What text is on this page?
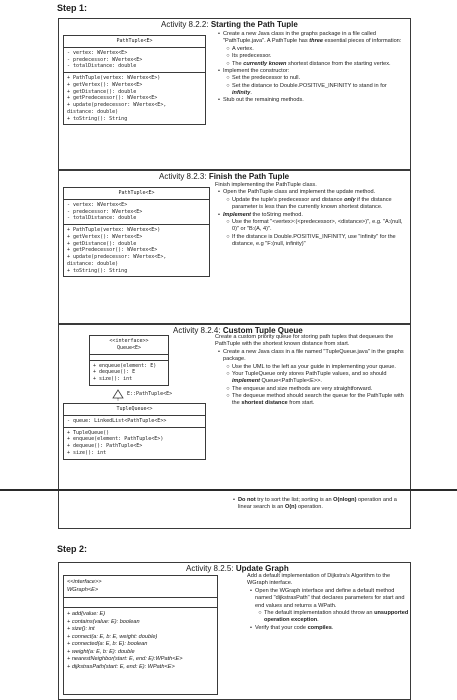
Step 1:
Activity 8.2.2: Starting the Path Tuple
PathTuple<E>
- vertex: WVertex<E>
- predecessor: WVertex<E>
- totalDistance: double
+ PathTuple(vertex: WVertex<E>)
+ getVertex(): WVertex<E>
+ getDistance(): double
+ getPredecessor(): WVertex<E>
+ update(predecessor: WVertex<E>,
distance: double)
+ toString(): String
• Create a new Java class in the graphs package in a file called "PathTuple.java". A PathTuple has three essential pieces of information:
○ A vertex.
○ Its predecessor.
○ The currently known shortest distance from the starting vertex.
• Implement the constructor:
○ Set the predecessor to null.
○ Set the distance to Double.POSITIVE_INFINITY to stand in for infinity.
• Stub out the remaining methods.
Activity 8.2.3: Finish the Path Tuple
PathTuple<E>
- vertex: WVertex<E>
- predecessor: WVertex<E>
- totalDistance: double
+ PathTuple(vertex: WVertex<E>)
+ getVertex(): WVertex<E>
+ getDistance(): double
+ getPredecessor(): WVertex<E>
+ update(predecessor: WVertex<E>,
distance: double)
+ toString(): String
Finish implementing the PathTuple class.
• Open the PathTuple class and implement the update method.
○ Update the tuple's predecessor and distance only if the distance parameter is less than the currently known shortest distance.
• Implement the toString method.
○ Use the format "<vertex>:(<predecessor>, <distance>)", e.g. "A:(null, 0)" or "B:(A, 4)".
○ If the distance is Double.POSITIVE_INFINITY, use "infinity" for the distance, e.g "F:(null, infinity)"
Activity 8.2.4: Custom Tuple Queue
<<interface>>
Queue<E>
+ enqueue(element: E)
+ dequeue(): E
+ size(): int
E::PathTuple<E>
TupleQueue<>
- queue: LinkedList<PathTuple<E>>
+ TupleQueue()
+ enqueue(element: PathTuple<E>)
+ dequeue(): PathTuple<E>
+ size(): int
Create a custom priority queue for storing path tuples that dequeues the PathTuple with the shortest known distance from start.
• Create a new Java class in a file named "TupleQueue.java" in the graphs package.
○ Use the UML to the left as your guide in implementing your queue.
○ Your TupleQueue only stores PathTuple values, and so should implement Queue<PathTuple<E>>.
○ The enqueue and size methods are very straightforward.
○ The dequeue method should search the queue for the PathTuple with the shortest distance from start.
• Do not try to sort the list; sorting is an O(nlogn) operation and a linear search is an O(n) operation.
Step 2:
Activity 8.2.5: Update Graph
<<interface>>
WGraph<E>
+ add(value: E)
+ contains(value: E): boolean
+ size(): int
+ connect(a: E, b: E, weight: double)
+ connected(a: E, b: E): boolean
+ weight(a: E, b: E): double
+ nearestNeighbor(start: E, end: E):WPath<E>
+ dijkstrasPath(start: E, end: E): WPath<E>
Add a default implementation of Dijkstra's Algorithm to the WGraph interface.
• Open the WGraph interface and define a default method named "dijkstrasPath" that declares parameters for start and end values and returns a WPath.
○ The default implementation should throw an unsupported operation exception.
• Verify that your code compiles.
